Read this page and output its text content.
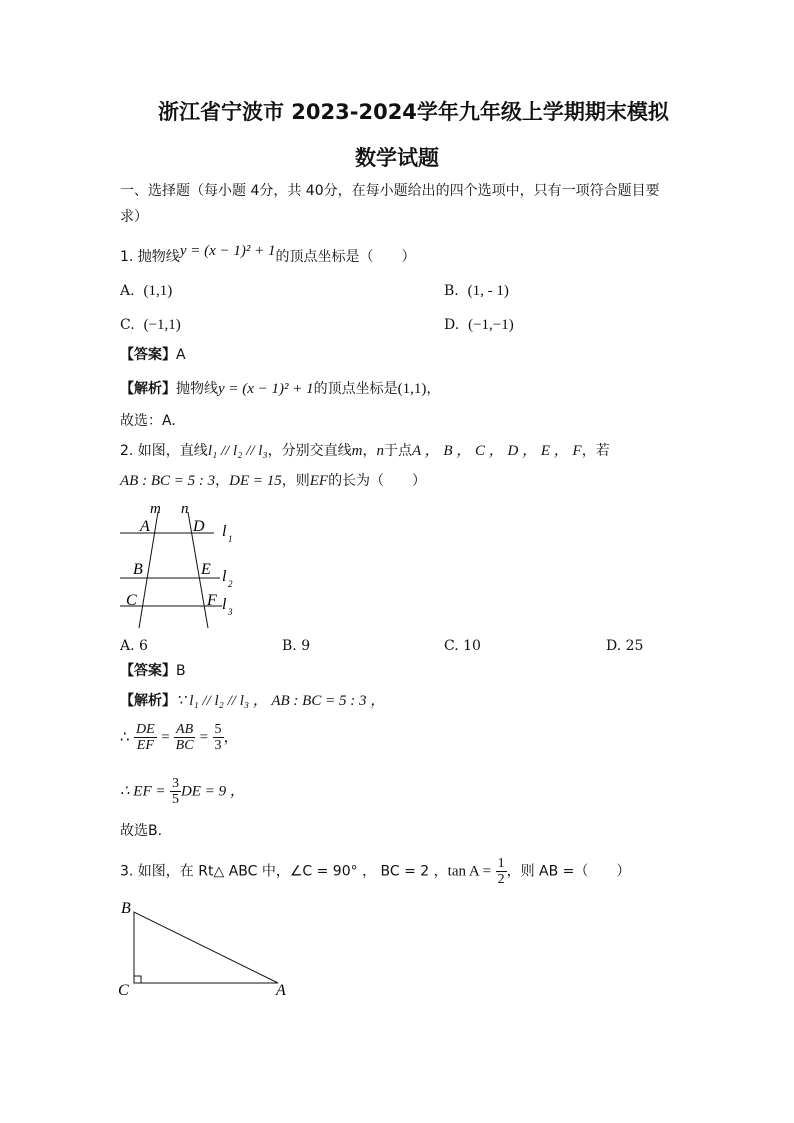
浙江省宁波市 2023-2024学年九年级上学期期末模拟
数学试题
一、选择题（每小题 4分，共 40分，在每小题给出的四个选项中，只有一项符合题目要
求）
1. 抛物线y = (x − 1)² + 1的顶点坐标是（　　）
A. (1,1)	B. (1, - 1)
C. (−1,1)	D. (−1,−1)
【答案】A
【解析】抛物线y = (x − 1)² + 1的顶点坐标是(1,1)，
故选：A.
2. 如图，直线l₁ // l₂ // l₃，分别交直线m，n于点A ， B ， C ， D ， E ， F，若
AB : BC = 5 : 3，DE = 15，则EF的长为（　　）
m n
A	D
B	E
C	F
l 1
l 2
l 3
A. 6	B. 9	C. 10	D. 25
【答案】B
【解析】∵ l₁ // l₂ // l₃ ， AB : BC = 5 : 3 ，
∴ $\frac{DE}{EF} = \frac{AB}{BC} = \frac{5}{3}$ ，
∴ EF = $\frac{3}{5}$ DE = 9 ，
故选B.
3. 如图，在 Rt△ ABC 中，∠C = 90° ， BC = 2 ，$\tan A = \frac{1}{2}$ ，则 AB =（　　）
B
C	A
